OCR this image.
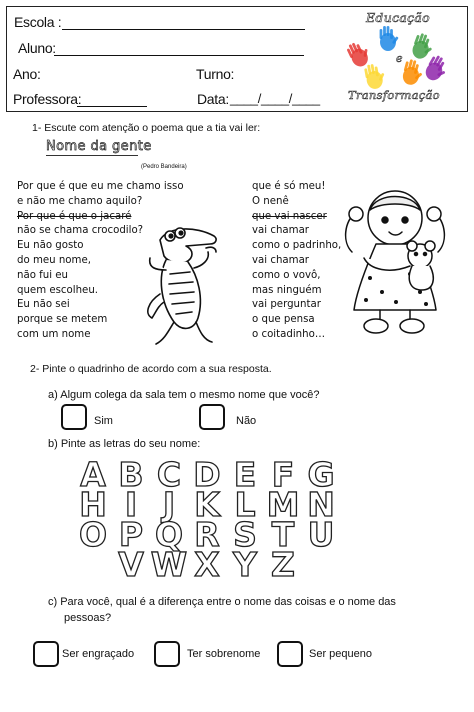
Escola :
Aluno:
Ano:	Turno:
Professora:	Data: ____/____/____
Educação
e
Transformação
1- Escute com atenção o poema que a tia vai ler:
Nome da gente
(Pedro Bandeira)
Por que é que eu me chamo isso
e não me chamo aquilo?
Por que é que o jacaré
não se chama crocodilo?
Eu não gosto
do meu nome,
não fui eu
quem escolheu.
Eu não sei
porque se metem
com um nome
que é só meu!
O nenê
que vai nascer
vai chamar
como o padrinho,
vai chamar
como o vovô,
mas ninguém
vai perguntar
o que pensa
o coitadinho…
2- Pinte o quadrinho de acordo com a sua resposta.
a) Algum colega da sala tem o mesmo nome que você?
Sim	Não
b) Pinte as letras do seu nome:
A B C D E F G
H I J K L M N
O P Q R S T U
V W X Y Z
c) Para você, qual é a diferença entre o nome das coisas e o nome das
pessoas?
Ser engraçado	Ter sobrenome	Ser pequeno
